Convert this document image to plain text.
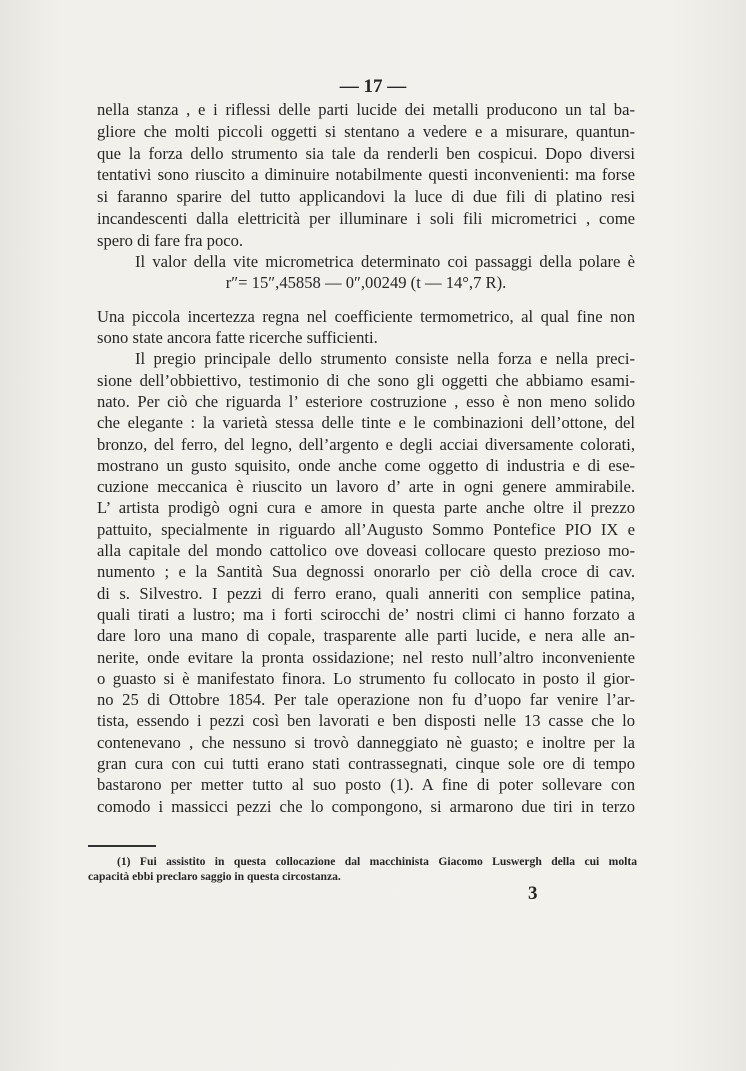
— 17 —
nella stanza , e i riflessi delle parti lucide dei metalli producono un tal ba-
gliore che molti piccoli oggetti si stentano a vedere e a misurare, quantun-
que la forza dello strumento sia tale da renderli ben cospicui. Dopo diversi
tentativi sono riuscito a diminuire notabilmente questi inconvenienti: ma forse
si faranno sparire del tutto applicandovi la luce di due fili di platino resi
incandescenti dalla elettricità per illuminare i soli fili micrometrici , come
spero di fare fra poco.
Il valor della vite micrometrica determinato coi passaggi della polare è
r″= 15″,45858 — 0″,00249 (t — 14°,7 R).
Una piccola incertezza regna nel coefficiente termometrico, al qual fine non
sono state ancora fatte ricerche sufficienti.
Il pregio principale dello strumento consiste nella forza e nella preci-
sione dell’obbiettivo, testimonio di che sono gli oggetti che abbiamo esami-
nato. Per ciò che riguarda l’ esteriore costruzione , esso è non meno solido
che elegante : la varietà stessa delle tinte e le combinazioni dell’ottone, del
bronzo, del ferro, del legno, dell’argento e degli acciai diversamente colorati,
mostrano un gusto squisito, onde anche come oggetto di industria e di ese-
cuzione meccanica è riuscito un lavoro d’ arte in ogni genere ammirabile.
L’ artista prodigò ogni cura e amore in questa parte anche oltre il prezzo
pattuito, specialmente in riguardo all’Augusto Sommo Pontefice PIO IX e
alla capitale del mondo cattolico ove doveasi collocare questo prezioso mo-
numento ; e la Santità Sua degnossi onorarlo per ciò della croce di cav.
di s. Silvestro. I pezzi di ferro erano, quali anneriti con semplice patina,
quali tirati a lustro; ma i forti scirocchi de’ nostri climi ci hanno forzato a
dare loro una mano di copale, trasparente alle parti lucide, e nera alle an-
nerite, onde evitare la pronta ossidazione; nel resto null’altro inconveniente
o guasto si è manifestato finora. Lo strumento fu collocato in posto il gior-
no 25 di Ottobre 1854. Per tale operazione non fu d’uopo far venire l’ar-
tista, essendo i pezzi così ben lavorati e ben disposti nelle 13 casse che lo
contenevano , che nessuno si trovò danneggiato nè guasto; e inoltre per la
gran cura con cui tutti erano stati contrassegnati, cinque sole ore di tempo
bastarono per metter tutto al suo posto (1). A fine di poter sollevare con
comodo i massicci pezzi che lo compongono, si armarono due tiri in terzo
(1) Fui assistito in questa collocazione dal macchinista Giacomo Luswergh della cui molta
capacità ebbi preclaro saggio in questa circostanza.
3
